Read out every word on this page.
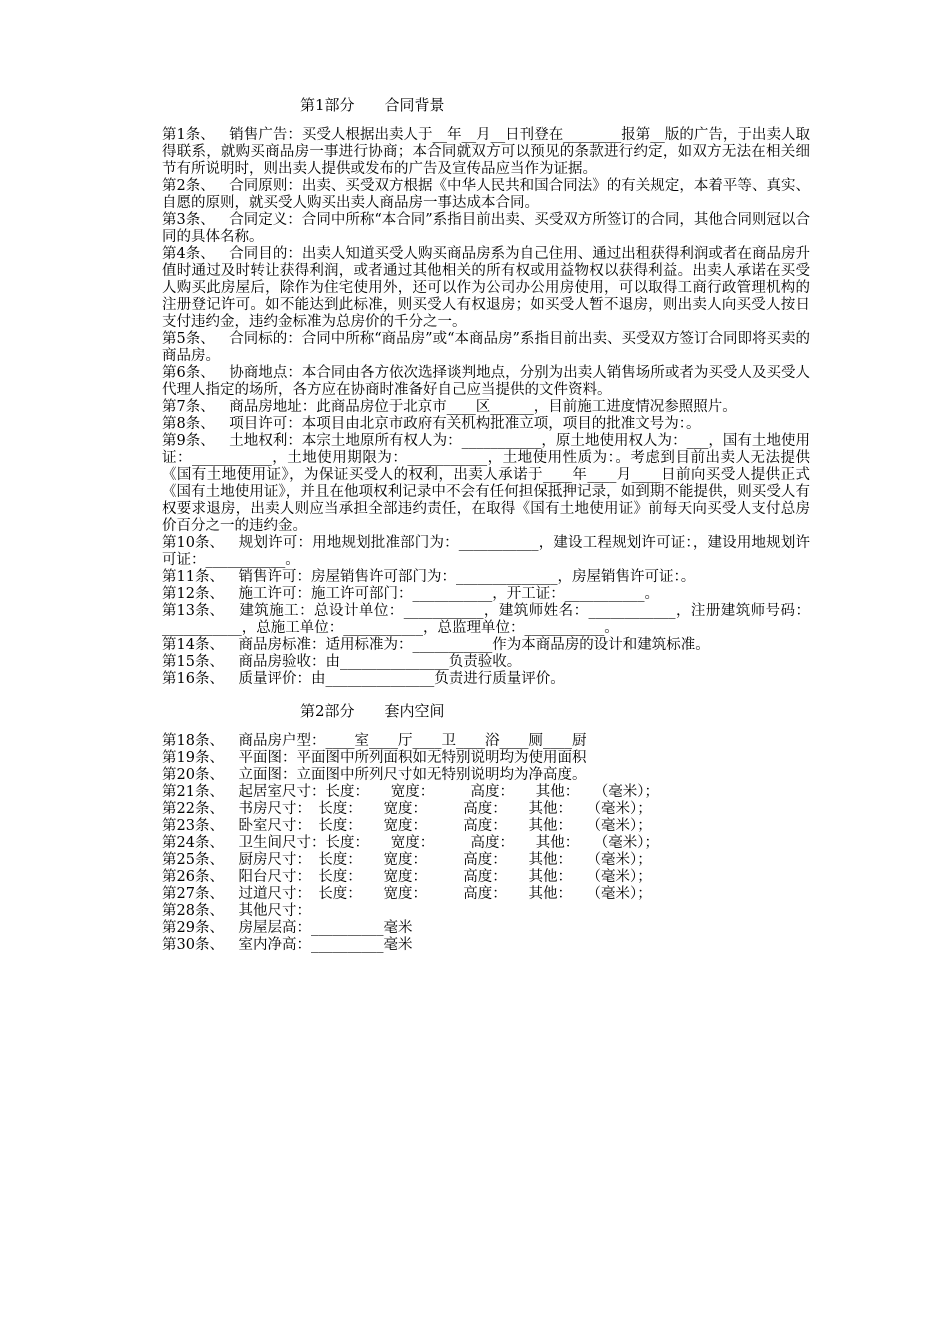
第1部分　　合同背景
第1条、　销售广告：买受人根据出卖人于__年__月__日刊登在________报第__版的广告，于出卖人取得联系，就购买商品房一事进行协商；本合同就双方可以预见的条款进行约定，如双方无法在相关细节有所说明时，则出卖人提供或发布的广告及宣传品应当作为证据。
第2条、　合同原则：出卖、买受双方根据《中华人民共和国合同法》的有关规定，本着平等、真实、自愿的原则，就买受人购买出卖人商品房一事达成本合同。
第3条、　合同定义：合同中所称“本合同”系指目前出卖、买受双方所签订的合同，其他合同则冠以合同的具体名称。
第4条、　合同目的：出卖人知道买受人购买商品房系为自己住用、通过出租获得利润或者在商品房升值时通过及时转让获得利润，或者通过其他相关的所有权或用益物权以获得利益。出卖人承诺在买受人购买此房屋后，除作为住宅使用外，还可以作为公司办公用房使用，可以取得工商行政管理机构的注册登记许可。如不能达到此标准，则买受人有权退房；如买受人暂不退房，则出卖人向买受人按日支付违约金，违约金标准为总房价的千分之一。
第5条、　合同标的：合同中所称“商品房”或“本商品房”系指目前出卖、买受双方签订合同即将买卖的商品房。
第6条、　协商地点：本合同由各方依次选择谈判地点，分别为出卖人销售场所或者为买受人及买受人代理人指定的场所，各方应在协商时准备好自己应当提供的文件资料。
第7条、　商品房地址：此商品房位于北京市____区______，目前施工进度情况参照照片。
第8条、　项目许可：本项目由北京市政府有关机构批准立项，项目的批准文号为：。
第9条、　土地权利：本宗土地原所有权人为：___________，原土地使用权人为：___，国有土地使用证：___________，土地使用期限为：___________，土地使用性质为：。考虑到目前出卖人无法提供《国有土地使用证》，为保证买受人的权利，出卖人承诺于____年____月____日前向买受人提供正式《国有土地使用证》，并且在他项权利记录中不会有任何担保抵押记录，如到期不能提供，则买受人有权要求退房，出卖人则应当承担全部违约责任，在取得《国有土地使用证》前每天向买受人支付总房价百分之一的违约金。
第10条、　规划许可：用地规划批准部门为：___________，建设工程规划许可证：，建设用地规划许可证：___________。
第11条、　销售许可：房屋销售许可部门为：______________，房屋销售许可证：。
第12条、　施工许可：施工许可部门：___________，开工证：___________。
第13条、　建筑施工：总设计单位：___________，建筑师姓名：____________，注册建筑师号码：___________，总施工单位：___________，总监理单位：___________。
第14条、　商品房标准：适用标准为：___________作为本商品房的设计和建筑标准。
第15条、　商品房验收：由_______________负责验收。
第16条、　质量评价：由_______________负责进行质量评价。
第2部分　　套内空间
第18条、　商品房户型：____室____厅____卫____浴____厕____厨
第19条、　平面图：平面图中所列面积如无特别说明均为使用面积
第20条、　立面图：立面图中所列尺寸如无特别说明均为净高度。
第21条、　起居室尺寸：长度：　　宽度：　　　高度：　　其他：　　（毫米）；
第22条、　书房尺寸：　长度：　　宽度：　　　高度：　　其他：　　（毫米）；
第23条、　卧室尺寸：　长度：　　宽度：　　　高度：　　其他：　　（毫米）；
第24条、　卫生间尺寸：长度：　　宽度：　　　高度：　　其他：　　（毫米）；
第25条、　厨房尺寸：　长度：　　宽度：　　　高度：　　其他：　　（毫米）；
第26条、　阳台尺寸：　长度：　　宽度：　　　高度：　　其他：　　（毫米）；
第27条、　过道尺寸：　长度：　　宽度：　　　高度：　　其他：　　（毫米）；
第28条、　其他尺寸：
第29条、　房屋层高：__________毫米
第30条、　室内净高：__________毫米
